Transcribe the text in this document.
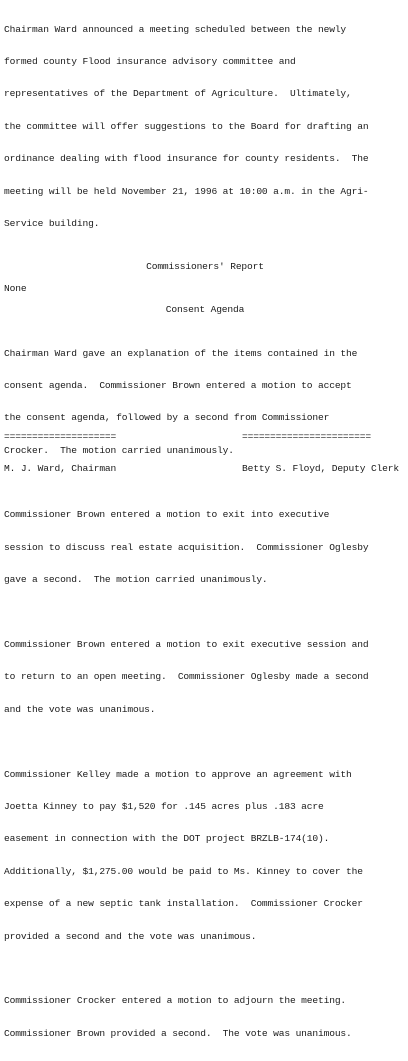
Chairman Ward announced a meeting scheduled between the newly

formed county Flood insurance advisory committee and

representatives of the Department of Agriculture.  Ultimately,

the committee will offer suggestions to the Board for drafting an

ordinance dealing with flood insurance for county residents.  The

meeting will be held November 21, 1996 at 10:00 a.m. in the Agri-

Service building.

Commissioners' Report
None
Consent Agenda

Chairman Ward gave an explanation of the items contained in the

consent agenda.  Commissioner Brown entered a motion to accept

the consent agenda, followed by a second from Commissioner

Crocker.  The motion carried unanimously.

Commissioner Brown entered a motion to exit into executive

session to discuss real estate acquisition.  Commissioner Oglesby

gave a second.  The motion carried unanimously.

Commissioner Brown entered a motion to exit executive session and

to return to an open meeting.  Commissioner Oglesby made a second

and the vote was unanimous.

Commissioner Kelley made a motion to approve an agreement with

Joetta Kinney to pay $1,520 for .145 acres plus .183 acre

easement in connection with the DOT project BRZLB-174(10).

Additionally, $1,275.00 would be paid to Ms. Kinney to cover the

expense of a new septic tank installation.  Commissioner Crocker

provided a second and the vote was unanimous.

Commissioner Crocker entered a motion to adjourn the meeting.

Commissioner Brown provided a second.  The vote was unanimous.

====================

M. J. Ward, Chairman

=======================

Betty S. Floyd, Deputy Clerk
